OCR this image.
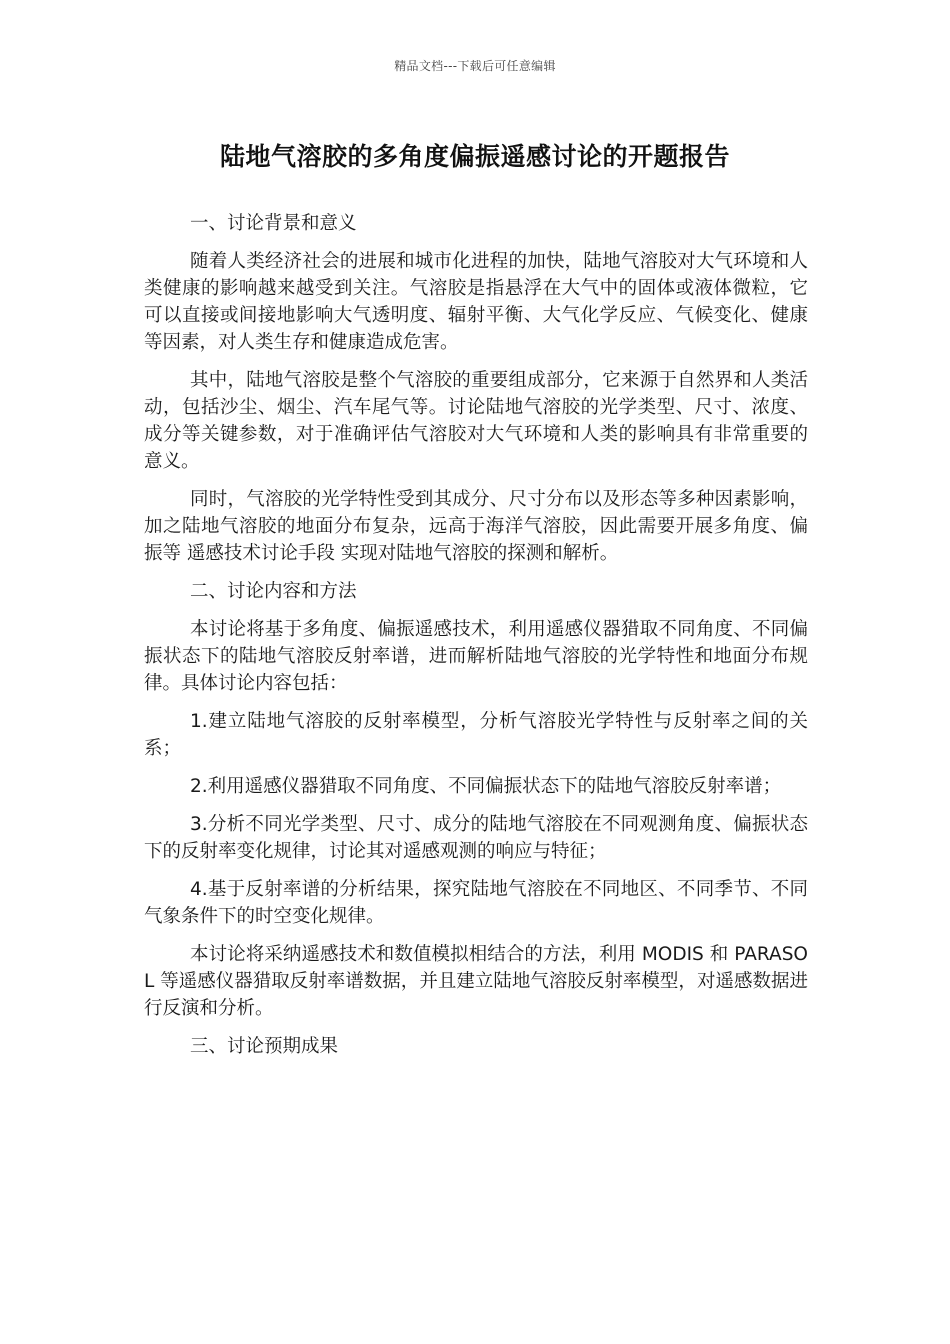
精品文档---下载后可任意编辑
陆地气溶胶的多角度偏振遥感讨论的开题报告

一、讨论背景和意义

随着人类经济社会的进展和城市化进程的加快，陆地气溶胶对大气环境和人类健康的影响越来越受到关注。气溶胶是指悬浮在大气中的固体或液体微粒，它可以直接或间接地影响大气透明度、辐射平衡、大气化学反应、气候变化、健康等因素，对人类生存和健康造成危害。

其中，陆地气溶胶是整个气溶胶的重要组成部分，它来源于自然界和人类活动，包括沙尘、烟尘、汽车尾气等。讨论陆地气溶胶的光学类型、尺寸、浓度、成分等关键参数，对于准确评估气溶胶对大气环境和人类的影响具有非常重要的意义。

同时，气溶胶的光学特性受到其成分、尺寸分布以及形态等多种因素影响，加之陆地气溶胶的地面分布复杂，远高于海洋气溶胶，因此需要开展多角度、偏振等 遥感技术讨论手段 实现对陆地气溶胶的探测和解析。

二、讨论内容和方法

本讨论将基于多角度、偏振遥感技术，利用遥感仪器猎取不同角度、不同偏振状态下的陆地气溶胶反射率谱，进而解析陆地气溶胶的光学特性和地面分布规律。具体讨论内容包括：

1.建立陆地气溶胶的反射率模型，分析气溶胶光学特性与反射率之间的关系；

2.利用遥感仪器猎取不同角度、不同偏振状态下的陆地气溶胶反射率谱；

3.分析不同光学类型、尺寸、成分的陆地气溶胶在不同观测角度、偏振状态下的反射率变化规律，讨论其对遥感观测的响应与特征；

4.基于反射率谱的分析结果，探究陆地气溶胶在不同地区、不同季节、不同气象条件下的时空变化规律。

本讨论将采纳遥感技术和数值模拟相结合的方法，利用 MODIS 和 PARASOL 等遥感仪器猎取反射率谱数据，并且建立陆地气溶胶反射率模型，对遥感数据进行反演和分析。

三、讨论预期成果
